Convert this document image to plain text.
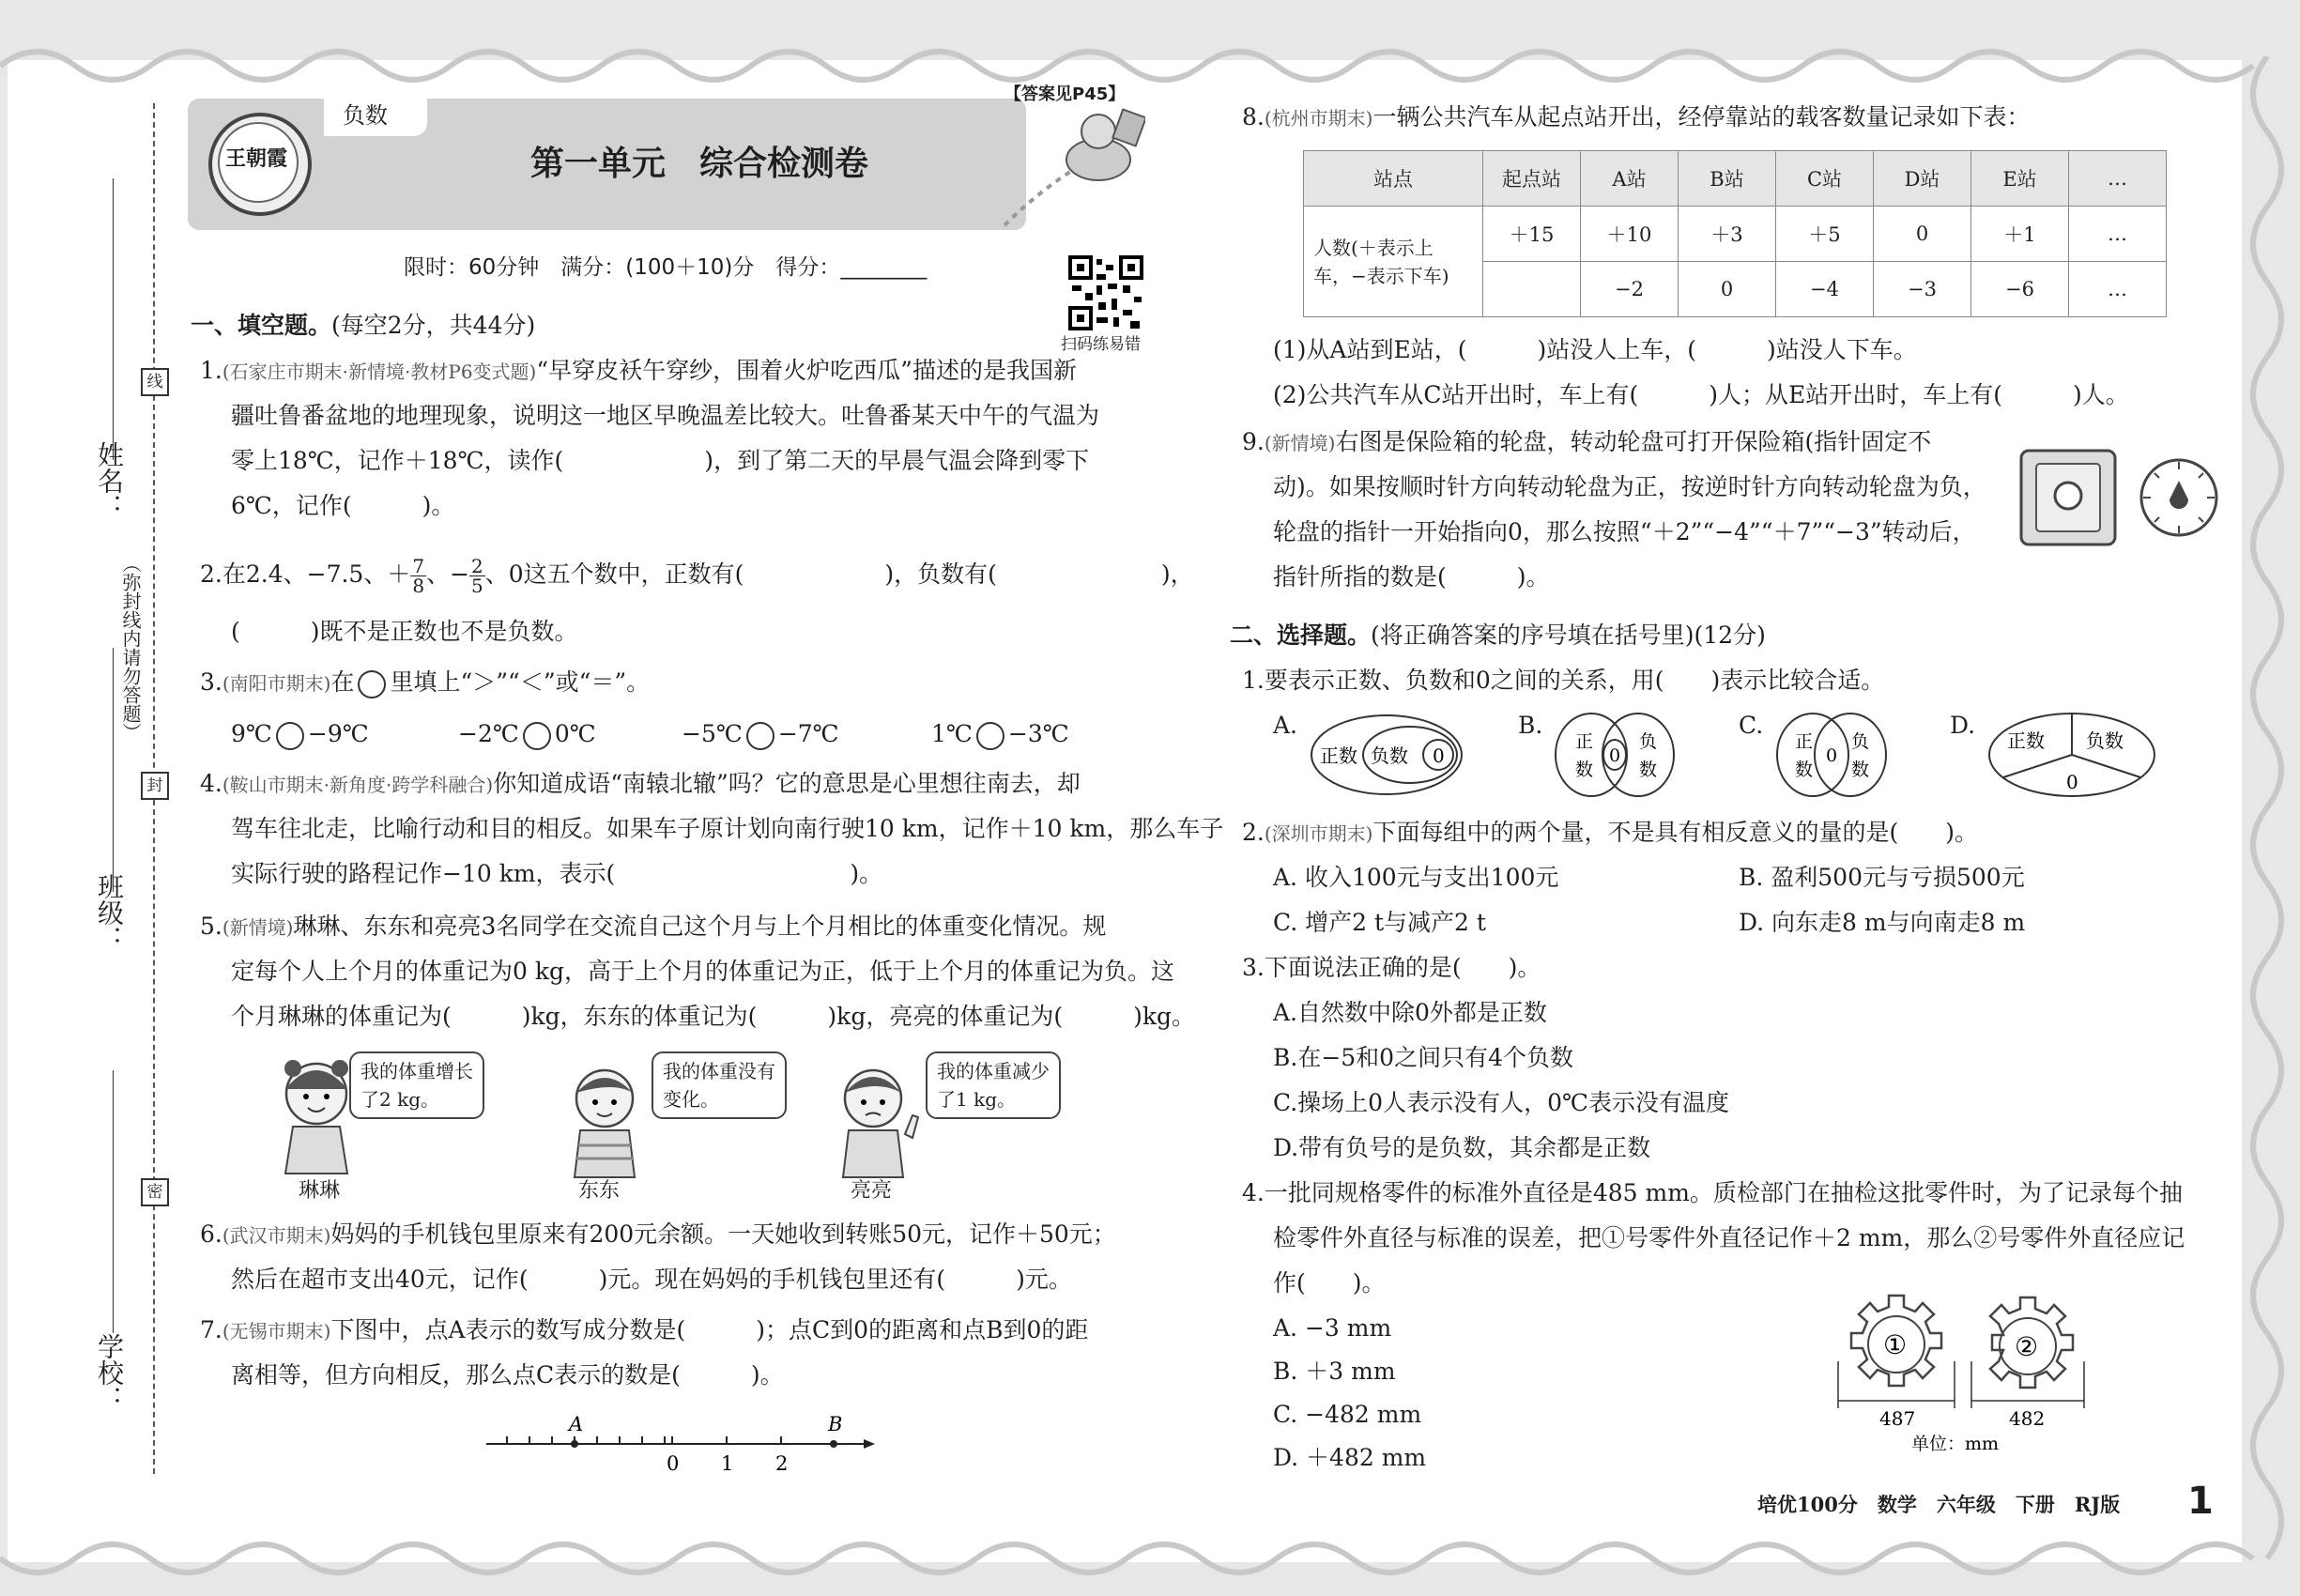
姓名：
（弥封线内请勿答题）
班级：
学校：
线
封
密
负数
【答案见P45】
第一单元　综合检测卷
王朝霞
限时：60分钟　满分：(100＋10)分　得分：________
扫码练易错
一、填空题。(每空2分，共44分)
1.(石家庄市期末·新情境·教材P6变式题)“早穿皮袄午穿纱，围着火炉吃西瓜”描述的是我国新
疆吐鲁番盆地的地理现象，说明这一地区早晚温差比较大。吐鲁番某天中午的气温为
零上18℃，记作＋18℃，读作(　　　　　　)，到了第二天的早晨气温会降到零下
6℃，记作(　　　)。
2.在2.4、−7.5、＋ $\frac{7}{8}$ 、− $\frac{2}{5}$ 、0这五个数中，正数有(　　　　　　)，负数有(　　　　　　　)，
(　　　)既不是正数也不是负数。
3.(南阳市期末)在 里填上“＞”“＜”或“＝”。
9℃ −9℃	−2℃ 0℃	−5℃ −7℃	1℃ −3℃
4.(鞍山市期末·新角度·跨学科融合)你知道成语“南辕北辙”吗？它的意思是心里想往南去，却
驾车往北走，比喻行动和目的相反。如果车子原计划向南行驶10 km，记作＋10 km，那么车子
实际行驶的路程记作−10 km，表示(　　　　　　　　　　)。
5.(新情境)琳琳、东东和亮亮3名同学在交流自己这个月与上个月相比的体重变化情况。规
定每个人上个月的体重记为0 kg，高于上个月的体重记为正，低于上个月的体重记为负。这
个月琳琳的体重记为(　　　)kg，东东的体重记为(　　　)kg，亮亮的体重记为(　　　)kg。
我的体重增长
了2 kg。
我的体重没有
变化。
我的体重减少
了1 kg。
琳琳	东东	亮亮
6.(武汉市期末)妈妈的手机钱包里原来有200元余额。一天她收到转账50元，记作＋50元；
然后在超市支出40元，记作(　　　)元。现在妈妈的手机钱包里还有(　　　)元。
7.(无锡市期末)下图中，点A表示的数写成分数是(　　　)；点C到0的距离和点B到0的距
离相等，但方向相反，那么点C表示的数是(　　　)。
A	B
0 1 2
8.(杭州市期末)一辆公共汽车从起点站开出，经停靠站的载客数量记录如下表：
站点	起点站	A站	B站	C站	D站	E站	…

人数(＋表示上
车，−表示下车)	＋15	＋10	＋3	＋5	0	＋1	…
		−2	0	−4	−3	−6	…
(1)从A站到E站，(　　　)站没人上车，(　　　)站没人下车。
(2)公共汽车从C站开出时，车上有(　　　)人；从E站开出时，车上有(　　　)人。
9.(新情境)右图是保险箱的轮盘，转动轮盘可打开保险箱(指针固定不
动)。如果按顺时针方向转动轮盘为正，按逆时针方向转动轮盘为负，
轮盘的指针一开始指向0，那么按照“＋2”“−4”“＋7”“−3”转动后，
指针所指的数是(　　　)。
二、选择题。(将正确答案的序号填在括号里)(12分)
1.要表示正数、负数和0之间的关系，用(　　)表示比较合适。
A.
正数 负数 0
B.
正
数
0
负
数
C.
正
数
0
负
数
D.
正数 负数
0
2.(深圳市期末)下面每组中的两个量，不是具有相反意义的量的是(　　)。
A. 收入100元与支出100元	B. 盈利500元与亏损500元
C. 增产2 t与减产2 t	D. 向东走8 m与向南走8 m
3.下面说法正确的是(　　)。
A.自然数中除0外都是正数
B.在−5和0之间只有4个负数
C.操场上0人表示没有人，0℃表示没有温度
D.带有负号的是负数，其余都是正数
4.一批同规格零件的标准外直径是485 mm。质检部门在抽检这批零件时，为了记录每个抽
检零件外直径与标准的误差，把①号零件外直径记作＋2 mm，那么②号零件外直径应记
作(　　)。
A. −3 mm
B. ＋3 mm
C. −482 mm
D. ＋482 mm
①	②
487	482
单位：mm
培优100分　数学　六年级　下册　RJ版 1
